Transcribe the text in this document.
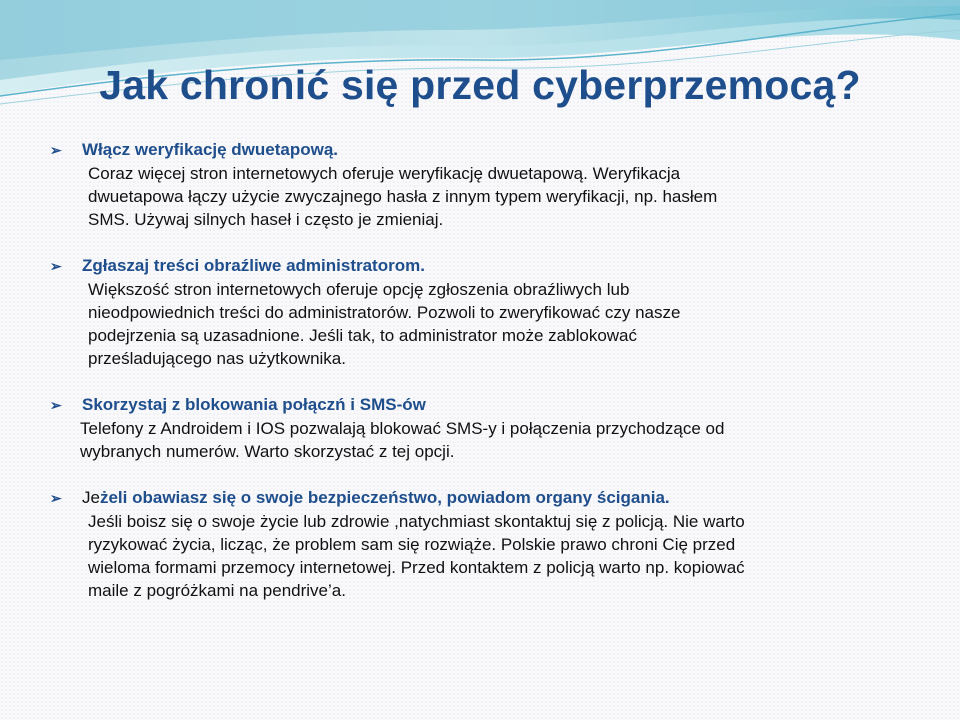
Jak chronić się przed cyberprzemocą?
➢	Włącz weryfikację dwuetapową.
Coraz więcej stron internetowych oferuje weryfikację dwuetapową. Weryfikacja
dwuetapowa łączy użycie zwyczajnego hasła z innym typem weryfikacji, np. hasłem
SMS. Używaj silnych haseł i często je zmieniaj.
➢	Zgłaszaj treści obraźliwe administratorom.
Większość stron internetowych oferuje opcję zgłoszenia obraźliwych lub
nieodpowiednich treści do administratorów. Pozwoli to zweryfikować czy nasze
podejrzenia są uzasadnione. Jeśli tak, to administrator może zablokować
prześladującego nas użytkownika.
➢	Skorzystaj z blokowania połączń i SMS-ów
Telefony z Androidem i IOS pozwalają blokować SMS-y i połączenia przychodzące od
wybranych numerów. Warto skorzystać z tej opcji.
➢	Jeżeli obawiasz się o swoje bezpieczeństwo, powiadom organy ścigania.
Jeśli boisz się o swoje życie lub zdrowie ,natychmiast skontaktuj się z policją. Nie warto
ryzykować życia, licząc, że problem sam się rozwiąże. Polskie prawo chroni Cię przed
wieloma formami przemocy internetowej. Przed kontaktem z policją warto np. kopiować
maile z pogróżkami na pendrive’a.
